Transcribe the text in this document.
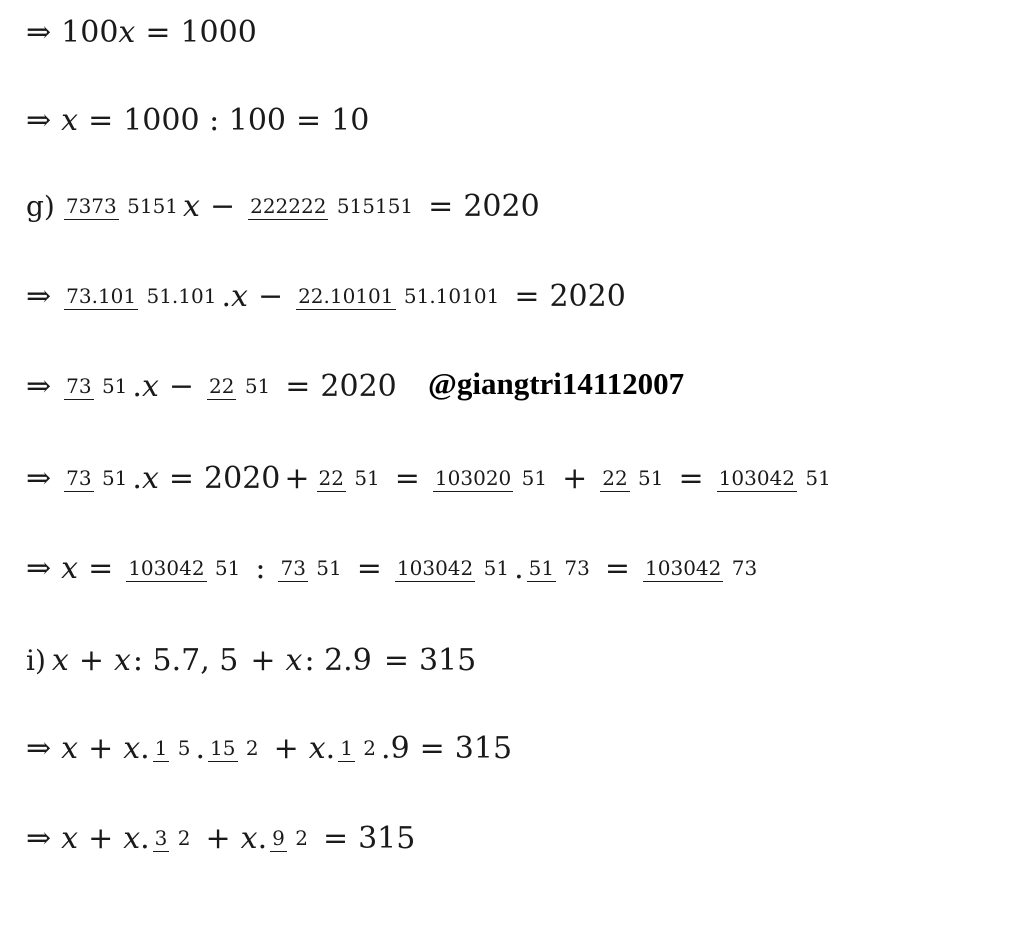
⇒ 100 x = 1000
⇒ x = 1000 : 100 = 10
g) 7373 5151 x − 222222 515151 = 2020
⇒ 73.101 51.101 . x − 22.10101 51.10101 = 2020
⇒ 73 51 . x − 22 51 = 2020 @giangtri14112007
⇒ 73 51 . x = 2020 + 22 51 = 103020 51 + 22 51 = 103042 51
⇒ x = 103042 51 : 73 51 = 103042 51 . 51 73 = 103042 73
i) x + x : 5.7, 5 + x : 2.9 = 315
⇒ x + x . 1 5 . 15 2 + x . 1 2 .9 = 315
⇒ x + x . 3 2 + x . 9 2 = 315
